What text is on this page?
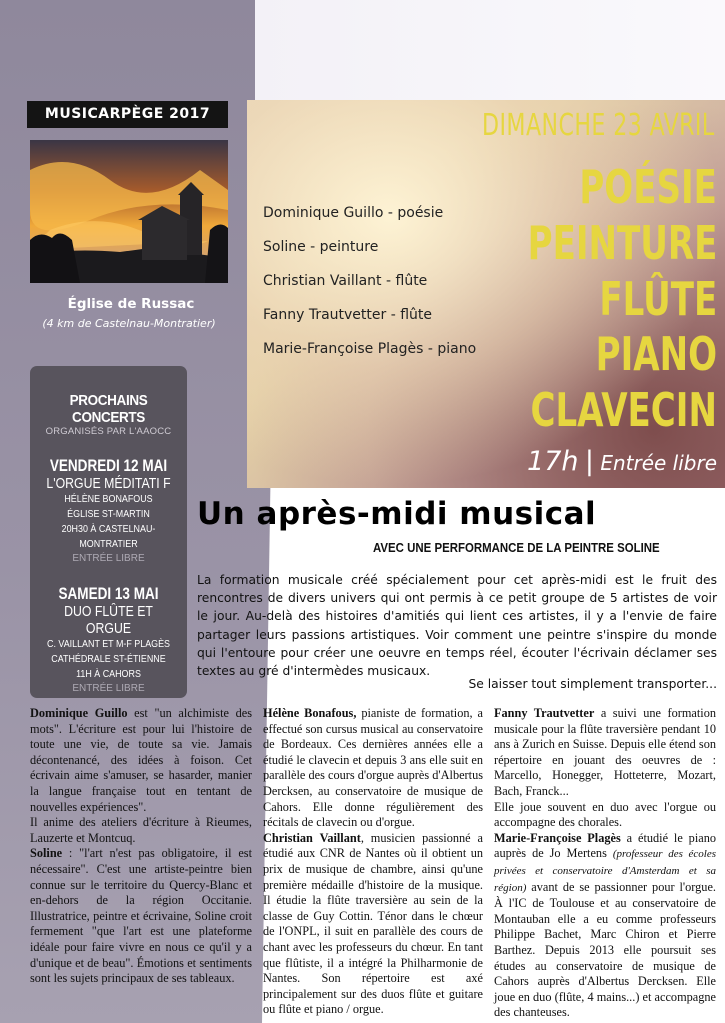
MUSICARPÈGE 2017
Église de Russac
(4 km de Castelnau-Montratier)
PROCHAINS CONCERTS
ORGANISÉS PAR L'AAOCC
VENDREDI 12 MAI
L'ORGUE MÉDITATI F
HÉLÈNE BONAFOUS
ÉGLISE ST-MARTIN
20H30 À CASTELNAU-MONTRATIER
ENTRÉE LIBRE
SAMEDI 13 MAI
DUO FLÛTE ET ORGUE
C. VAILLANT ET M-F PLAGÈS
CATHÉDRALE ST-ÉTIENNE
11H À CAHORS
ENTRÉE LIBRE
DIMANCHE 23 AVRIL
POÉSIE
PEINTURE
FLÛTE
PIANO
CLAVECIN
Dominique Guillo - poésie
Soline - peinture
Christian Vaillant - flûte
Fanny Trautvetter - flûte
Marie-Françoise Plagès - piano
17h | Entrée libre
Un après-midi musical
AVEC UNE PERFORMANCE DE LA PEINTRE SOLINE
La formation musicale créé spécialement pour cet après-midi est le fruit des rencontres de divers univers qui ont permis à ce petit groupe de 5 artistes de voir le jour. Au-delà des histoires d'amitiés qui lient ces artistes, il y a l'envie de faire partager leurs passions artistiques. Voir comment une peintre s'inspire du monde qui l'entoure pour créer une oeuvre en temps réel, écouter l'écrivain déclamer ses textes au gré d'intermèdes musicaux.
Se laisser tout simplement transporter...

Dominique Guillo est "un alchimiste des mots". L'écriture est pour lui l'histoire de toute une vie, de toute sa vie. Jamais décontenancé, des idées à foison. Cet écrivain aime s'amuser, se hasarder, manier la langue française tout en tentant de nouvelles expériences".

Il anime des ateliers d'écriture à Rieumes, Lauzerte et Montcuq.

Soline : "l'art n'est pas obligatoire, il est nécessaire". C'est une artiste-peintre bien connue sur le territoire du Quercy-Blanc et en-dehors de la région Occitanie. Illustratrice, peintre et écrivaine, Soline croit fermement "que l'art est une plateforme idéale pour faire vivre en nous ce qu'il y a d'unique et de beau". Émotions et sentiments sont les sujets principaux de ses tableaux.

Hélène Bonafous, pianiste de formation, a effectué son cursus musical au conservatoire de Bordeaux. Ces dernières années elle a étudié le clavecin et depuis 3 ans elle suit en parallèle des cours d'orgue auprès d'Albertus Dercksen, au conservatoire de musique de Cahors. Elle donne régulièrement des récitals de clavecin ou d'orgue.

Christian Vaillant, musicien passionné a étudié aux CNR de Nantes où il obtient un prix de musique de chambre, ainsi qu'une première médaille d'histoire de la musique. Il étudie la flûte traversière au sein de la classe de Guy Cottin. Ténor dans le chœur de l'ONPL, il suit en parallèle des cours de chant avec les professeurs du chœur. En tant que flûtiste, il a intégré la Philharmonie de Nantes. Son répertoire est axé principalement sur des duos flûte et guitare ou flûte et piano / orgue.

Fanny Trautvetter a suivi une formation musicale pour la flûte traversière pendant 10 ans à Zurich en Suisse. Depuis elle étend son répertoire en jouant des oeuvres de : Marcello, Honegger, Hotteterre, Mozart, Bach, Franck...

Elle joue souvent en duo avec l'orgue ou accompagne des chorales.

Marie-Françoise Plagès a étudié le piano auprès de Jo Mertens (professeur des écoles privées et conservatoire d'Amsterdam et sa région) avant de se passionner pour l'orgue. À l'IC de Toulouse et au conservatoire de Montauban elle a eu comme professeurs Philippe Bachet, Marc Chiron et Pierre Barthez. Depuis 2013 elle poursuit ses études au conservatoire de musique de Cahors auprès d'Albertus Dercksen. Elle joue en duo (flûte, 4 mains...) et accompagne des chanteuses.
